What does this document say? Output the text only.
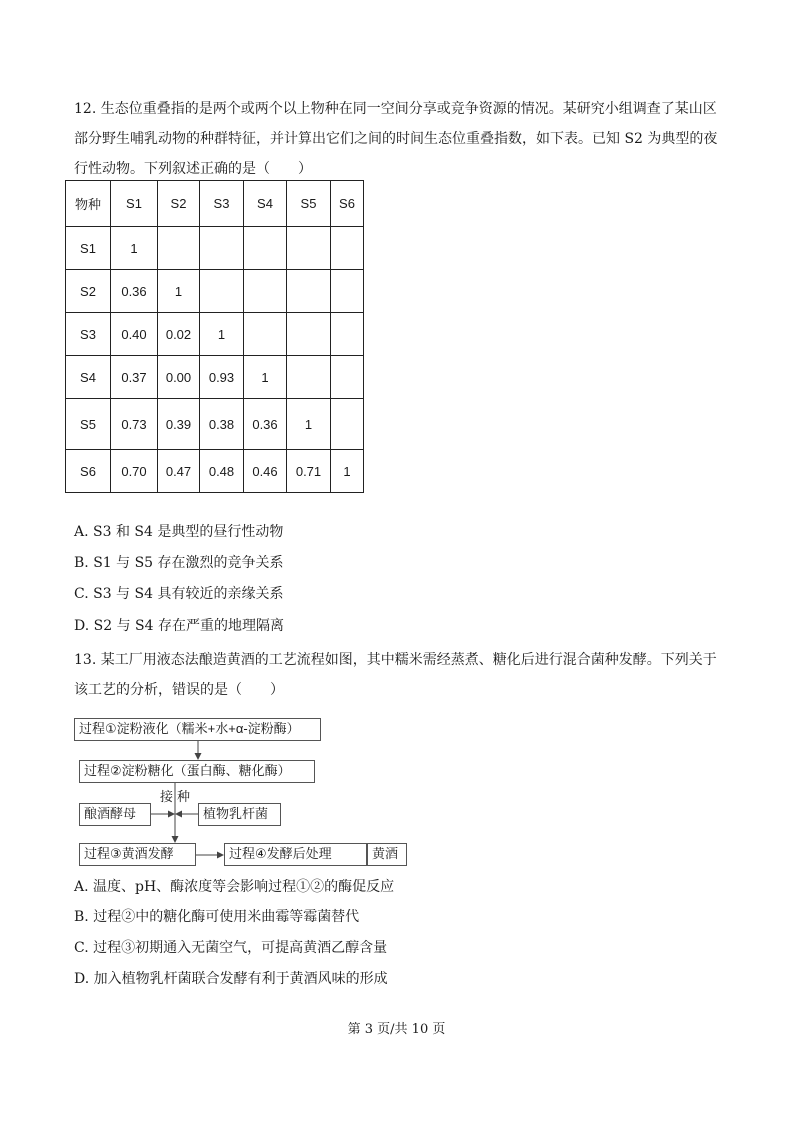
12. 生态位重叠指的是两个或两个以上物种在同一空间分享或竞争资源的情况。某研究小组调查了某山区部分野生哺乳动物的种群特征，并计算出它们之间的时间生态位重叠指数，如下表。已知 S2 为典型的夜行性动物。下列叙述正确的是（　　）

物种	S1	S2	S3	S4	S5	S6
S1	1					
S2	0.36	1				
S3	0.40	0.02	1			
S4	0.37	0.00	0.93	1		
S5	0.73	0.39	0.38	0.36	1	
S6	0.70	0.47	0.48	0.46	0.71	1

A. S3 和 S4 是典型的昼行性动物

B. S1 与 S5 存在激烈的竞争关系

C. S3 与 S4 具有较近的亲缘关系

D. S2 与 S4 存在严重的地理隔离

13. 某工厂用液态法酿造黄酒的工艺流程如图，其中糯米需经蒸煮、糖化后进行混合菌种发酵。下列关于该工艺的分析，错误的是（　　）

过程①淀粉液化（糯米+水+α-淀粉酶）
过程②淀粉糖化（蛋白酶、糖化酶）
接 种
酿酒酵母	植物乳杆菌
过程③黄酒发酵	过程④发酵后处理	黄酒

A. 温度、pH、酶浓度等会影响过程①②的酶促反应

B. 过程②中的糖化酶可使用米曲霉等霉菌替代

C. 过程③初期通入无菌空气，可提高黄酒乙醇含量

D. 加入植物乳杆菌联合发酵有利于黄酒风味的形成

第 3 页/共 10 页
